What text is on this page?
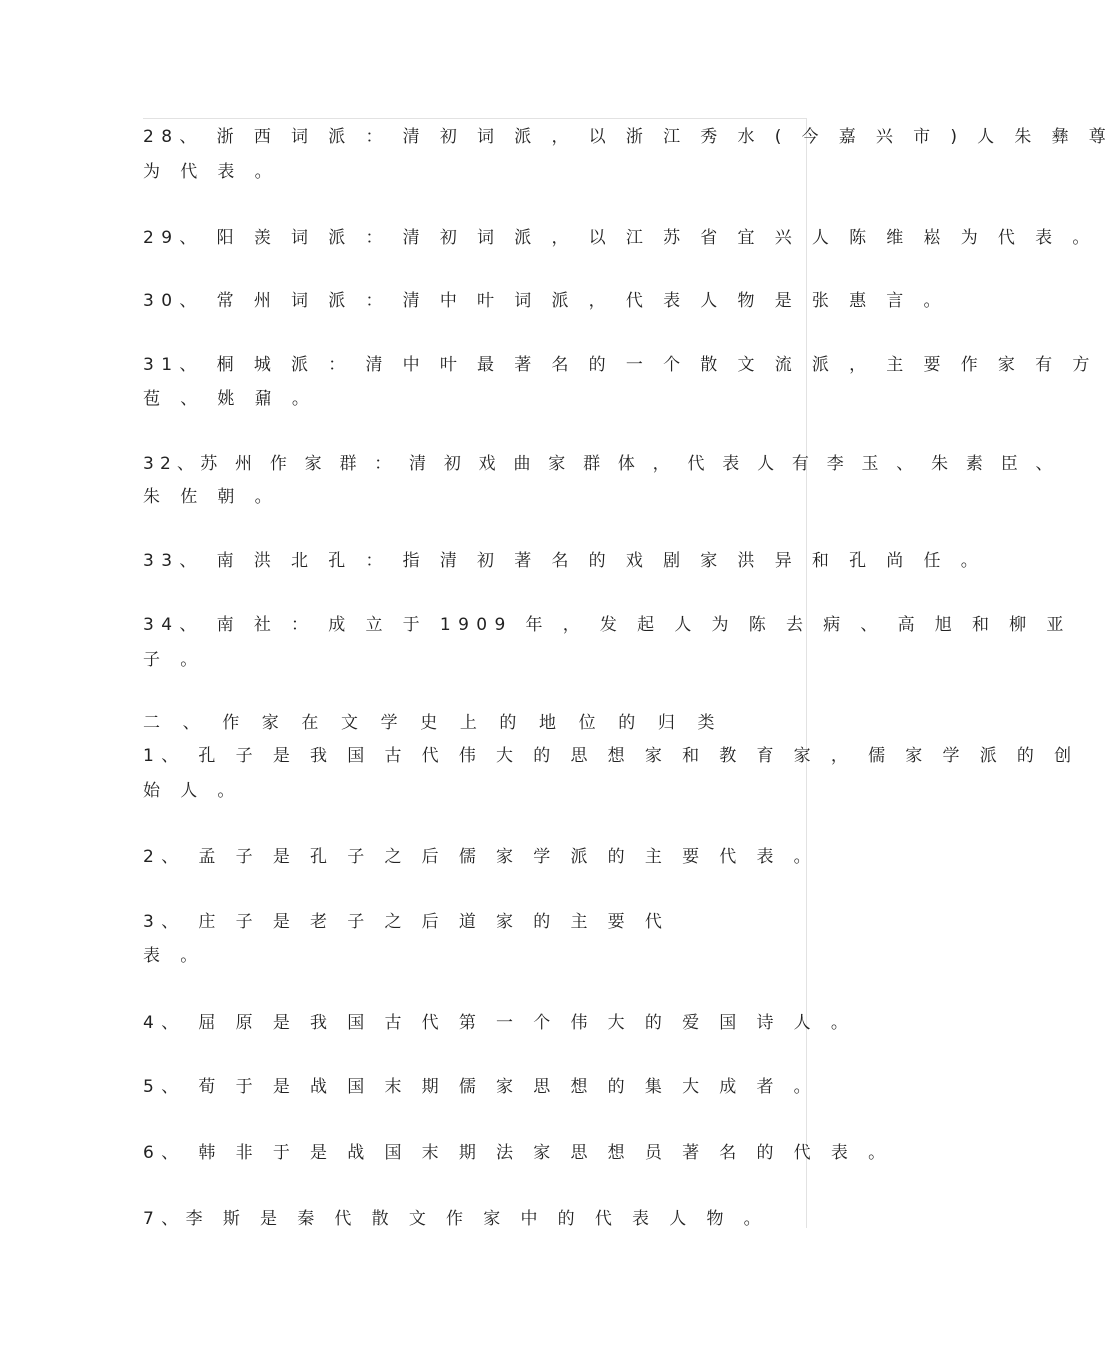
28、 浙 西 词 派 ： 清 初 词 派 ， 以 浙 江 秀 水 ( 今 嘉 兴 市 ) 人 朱 彝 尊
为 代 表 。
29、 阳 羡 词 派 ： 清 初 词 派 ， 以 江 苏 省 宜 兴 人 陈 维 崧 为 代 表 。
30、 常 州 词 派 ： 清 中 叶 词 派 ， 代 表 人 物 是 张 惠 言 。
31、 桐 城 派 ： 清 中 叶 最 著 名 的 一 个 散 文 流 派 ， 主 要 作 家 有 方
苞 、 姚 鼐 。
32、苏 州 作 家 群 ： 清 初 戏 曲 家 群 体 ， 代 表 人 有 李 玉 、 朱 素 臣 、
朱 佐 朝 。
33、 南 洪 北 孔 ： 指 清 初 著 名 的 戏 剧 家 洪 异 和 孔 尚 任 。
34、 南 社 ： 成 立 于 1909 年 ， 发 起 人 为 陈 去 病 、 高 旭 和 柳 亚
子 。
二 、 作 家 在 文 学 史 上 的 地 位 的 归 类
1、 孔 子 是 我 国 古 代 伟 大 的 思 想 家 和 教 育 家 ， 儒 家 学 派 的 创
始 人 。
2、 孟 子 是 孔 子 之 后 儒 家 学 派 的 主 要 代 表 。
3、 庄 子 是 老 子 之 后 道 家 的 主 要 代
表 。
4、 屈 原 是 我 国 古 代 第 一 个 伟 大 的 爱 国 诗 人 。
5、 荀 于 是 战 国 末 期 儒 家 思 想 的 集 大 成 者 。
6、 韩 非 于 是 战 国 末 期 法 家 思 想 员 著 名 的 代 表 。
7、李 斯 是 秦 代 散 文 作 家 中 的 代 表 人 物 。
